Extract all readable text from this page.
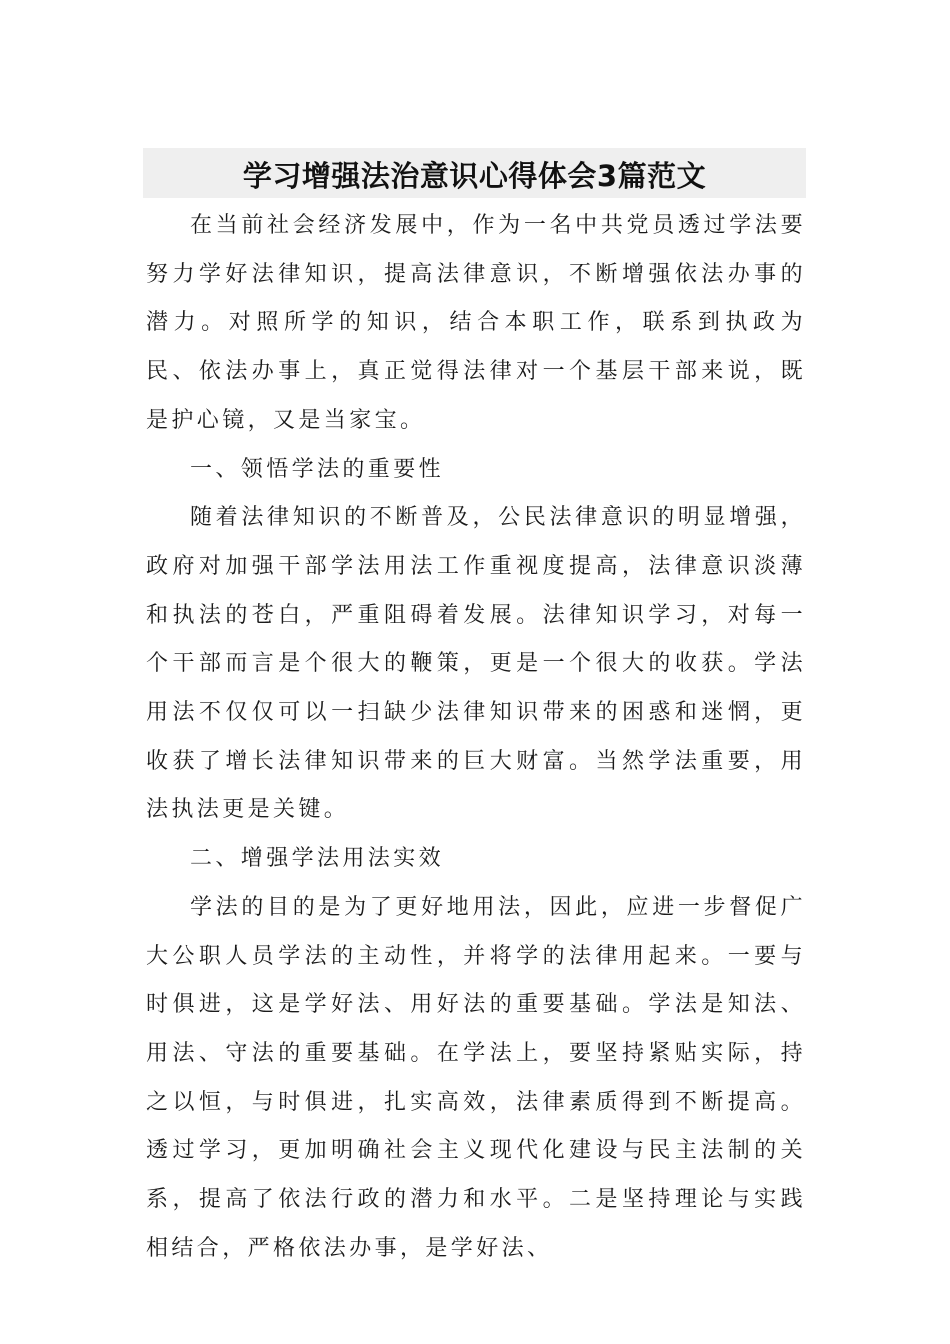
学习增强法治意识心得体会3篇范文

在当前社会经济发展中，作为一名中共党员透过学法要努力学好法律知识，提高法律意识，不断增强依法办事的潜力。对照所学的知识，结合本职工作，联系到执政为民、依法办事上，真正觉得法律对一个基层干部来说，既是护心镜，又是当家宝。

一、领悟学法的重要性

随着法律知识的不断普及，公民法律意识的明显增强，政府对加强干部学法用法工作重视度提高，法律意识淡薄和执法的苍白，严重阻碍着发展。法律知识学习，对每一个干部而言是个很大的鞭策，更是一个很大的收获。学法用法不仅仅可以一扫缺少法律知识带来的困惑和迷惘，更收获了增长法律知识带来的巨大财富。当然学法重要，用法执法更是关键。

二、增强学法用法实效

学法的目的是为了更好地用法，因此，应进一步督促广大公职人员学法的主动性，并将学的法律用起来。一要与时俱进，这是学好法、用好法的重要基础。学法是知法、用法、守法的重要基础。在学法上，要坚持紧贴实际，持之以恒，与时俱进，扎实高效，法律素质得到不断提高。透过学习，更加明确社会主义现代化建设与民主法制的关系，提高了依法行政的潜力和水平。二是坚持理论与实践相结合，严格依法办事，是学好法、
